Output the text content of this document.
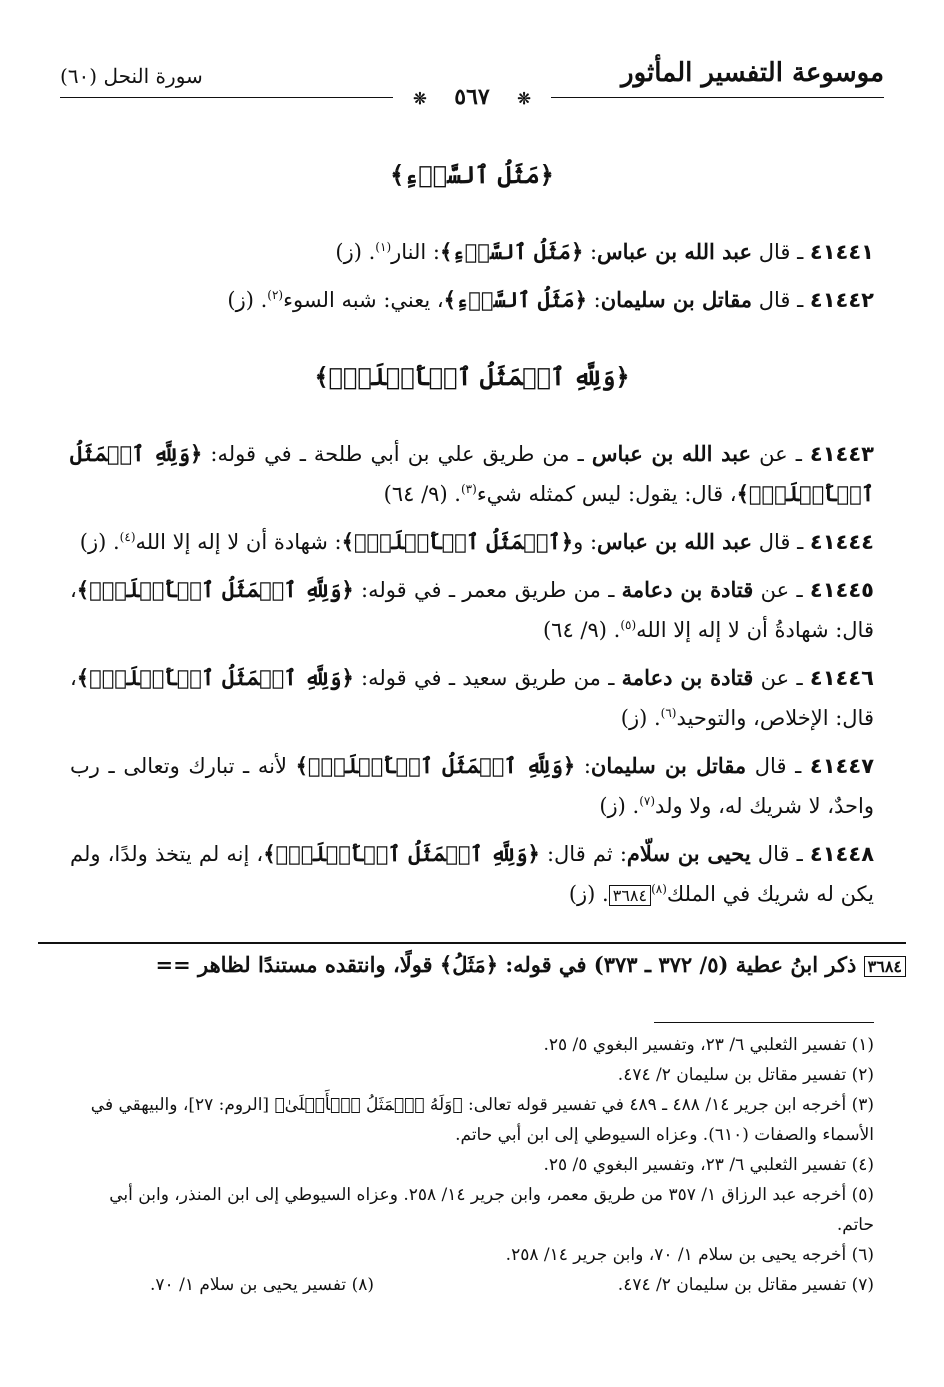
موسوعة التفسير المأثور
سورة النحل (٦٠)
❊ ٥٦٧ ❊
﴿مَثَلُ ٱلسَّوۡءِ﴾
٤١٤٤١ ـ قال عبد الله بن عباس: ﴿مَثَلُ ٱلسَّوۡءِ﴾: النار$^{(١)}$. (ز)
٤١٤٤٢ ـ قال مقاتل بن سليمان: ﴿مَثَلُ ٱلسَّوۡءِ﴾، يعني: شبه السوء$^{(٢)}$. (ز)
﴿وَلِلَّهِ ٱلۡمَثَلُ ٱلۡأَعۡلَىٰۚ﴾
٤١٤٤٣ ـ عن عبد الله بن عباس ـ من طريق علي بن أبي طلحة ـ في قوله: ﴿وَلِلَّهِ ٱلۡمَثَلُ ٱلۡأَعۡلَىٰۚ﴾، قال: يقول: ليس كمثله شيء$^{(٣)}$. (٩/ ٦٤)
٤١٤٤٤ ـ قال عبد الله بن عباس: و﴿ٱلۡمَثَلُ ٱلۡأَعۡلَىٰۚ﴾: شهادة أن لا إله إلا الله$^{(٤)}$. (ز)
٤١٤٤٥ ـ عن قتادة بن دعامة ـ من طريق معمر ـ في قوله: ﴿وَلِلَّهِ ٱلۡمَثَلُ ٱلۡأَعۡلَىٰۚ﴾، قال: شهادةُ أن لا إله إلا الله$^{(٥)}$. (٩/ ٦٤)
٤١٤٤٦ ـ عن قتادة بن دعامة ـ من طريق سعيد ـ في قوله: ﴿وَلِلَّهِ ٱلۡمَثَلُ ٱلۡأَعۡلَىٰۚ﴾، قال: الإخلاص، والتوحيد$^{(٦)}$. (ز)
٤١٤٤٧ ـ قال مقاتل بن سليمان: ﴿وَلِلَّهِ ٱلۡمَثَلُ ٱلۡأَعۡلَىٰۚ﴾ لأنه ـ تبارك وتعالى ـ رب واحدٌ، لا شريك له، ولا ولد$^{(٧)}$. (ز)
٤١٤٤٨ ـ قال يحيى بن سلّام: ثم قال: ﴿وَلِلَّهِ ٱلۡمَثَلُ ٱلۡأَعۡلَىٰۚ﴾، إنه لم يتخذ ولدًا، ولم يكن له شريك في الملك$^{(٨)}$٣٦٨٤. (ز)
٣٦٨٤ ذكر ابنُ عطية (٥/ ٣٧٢ ـ ٣٧٣) في قوله: ﴿مَثَلُ﴾ قولًا، وانتقده مستندًا لظاهر ==
(١) تفسير الثعلبي ٦/ ٢٣، وتفسير البغوي ٥/ ٢٥.
(٢) تفسير مقاتل بن سليمان ٢/ ٤٧٤.
(٣) أخرجه ابن جرير ١٤/ ٤٨٨ ـ ٤٨٩ في تفسير قوله تعالى: ﴿وَلَهُ ٱلۡمَثَلُ ٱلۡأَعۡلَىٰ﴾ [الروم: ٢٧]، والبيهقي في الأسماء والصفات (٦١٠). وعزاه السيوطي إلى ابن أبي حاتم.
(٤) تفسير الثعلبي ٦/ ٢٣، وتفسير البغوي ٥/ ٢٥.
(٥) أخرجه عبد الرزاق ١/ ٣٥٧ من طريق معمر، وابن جرير ١٤/ ٢٥٨. وعزاه السيوطي إلى ابن المنذر، وابن أبي حاتم.
(٦) أخرجه يحيى بن سلام ١/ ٧٠، وابن جرير ١٤/ ٢٥٨.
(٧) تفسير مقاتل بن سليمان ٢/ ٤٧٤.
(٨) تفسير يحيى بن سلام ١/ ٧٠.
